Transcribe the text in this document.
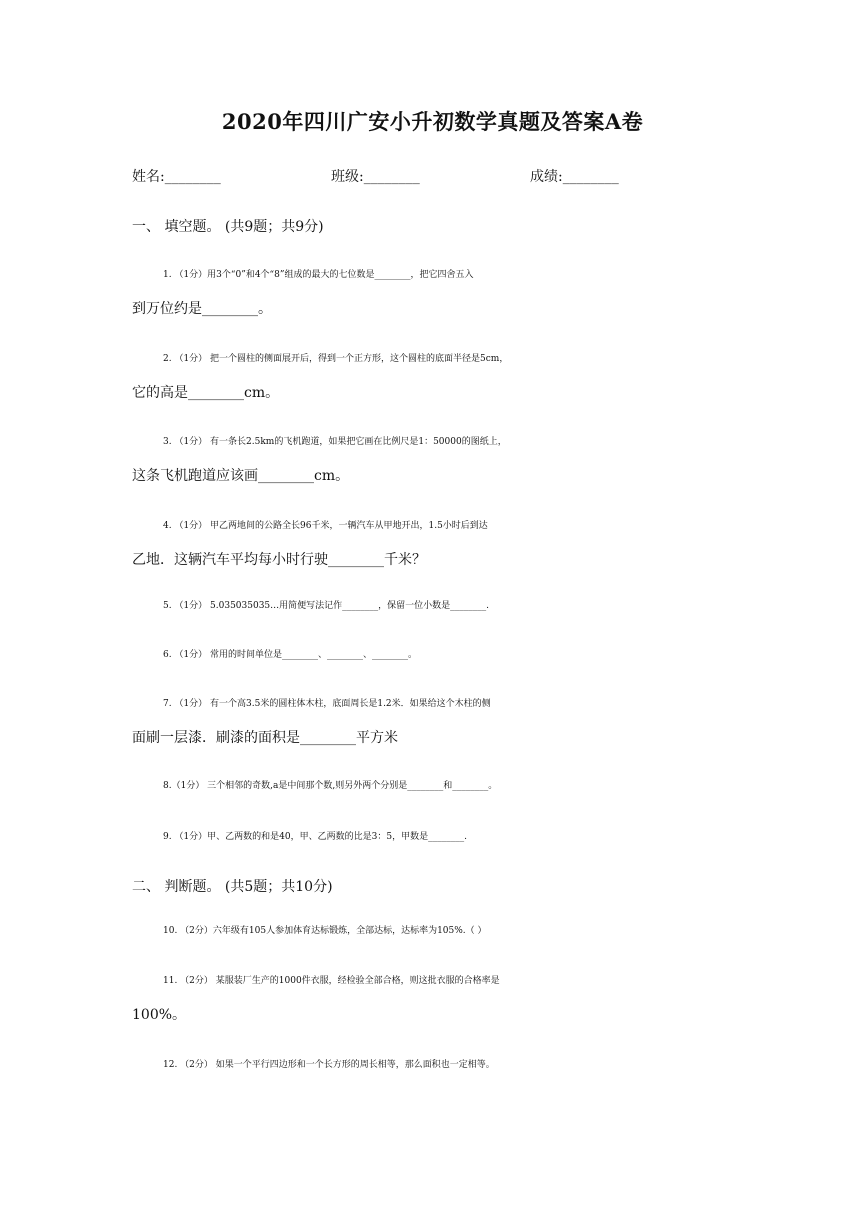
2020年四川广安小升初数学真题及答案A卷
姓名:________	班级:________	成绩:________
一、 填空题。 (共9题；共9分)
1. （1分）用3个“0”和4个“8”组成的最大的七位数是________，把它四舍五入
到万位约是________。
2. （1分） 把一个圆柱的侧面展开后，得到一个正方形，这个圆柱的底面半径是5cm，
它的高是________cm。
3. （1分） 有一条长2.5km的飞机跑道，如果把它画在比例尺是1：50000的图纸上，
这条飞机跑道应该画________cm。
4. （1分） 甲乙两地间的公路全长96千米，一辆汽车从甲地开出，1.5小时后到达
乙地．这辆汽车平均每小时行驶________千米？
5. （1分） 5.035035035…用简便写法记作________，保留一位小数是________.
6. （1分） 常用的时间单位是________、________、________。
7. （1分） 有一个高3.5米的圆柱体木柱，底面周长是1.2米．如果给这个木柱的侧
面刷一层漆．刷漆的面积是________平方米
8.（1分） 三个相邻的奇数,a是中间那个数,则另外两个分别是________和________。
9. （1分）甲、乙两数的和是40，甲、乙两数的比是3：5，甲数是________.
二、 判断题。 (共5题；共10分)
10. （2分）六年级有105人参加体育达标锻炼，全部达标，达标率为105%.（ ）
11. （2分） 某服装厂生产的1000件衣服，经检验全部合格，则这批衣服的合格率是
100%。
12. （2分） 如果一个平行四边形和一个长方形的周长相等，那么面积也一定相等。
